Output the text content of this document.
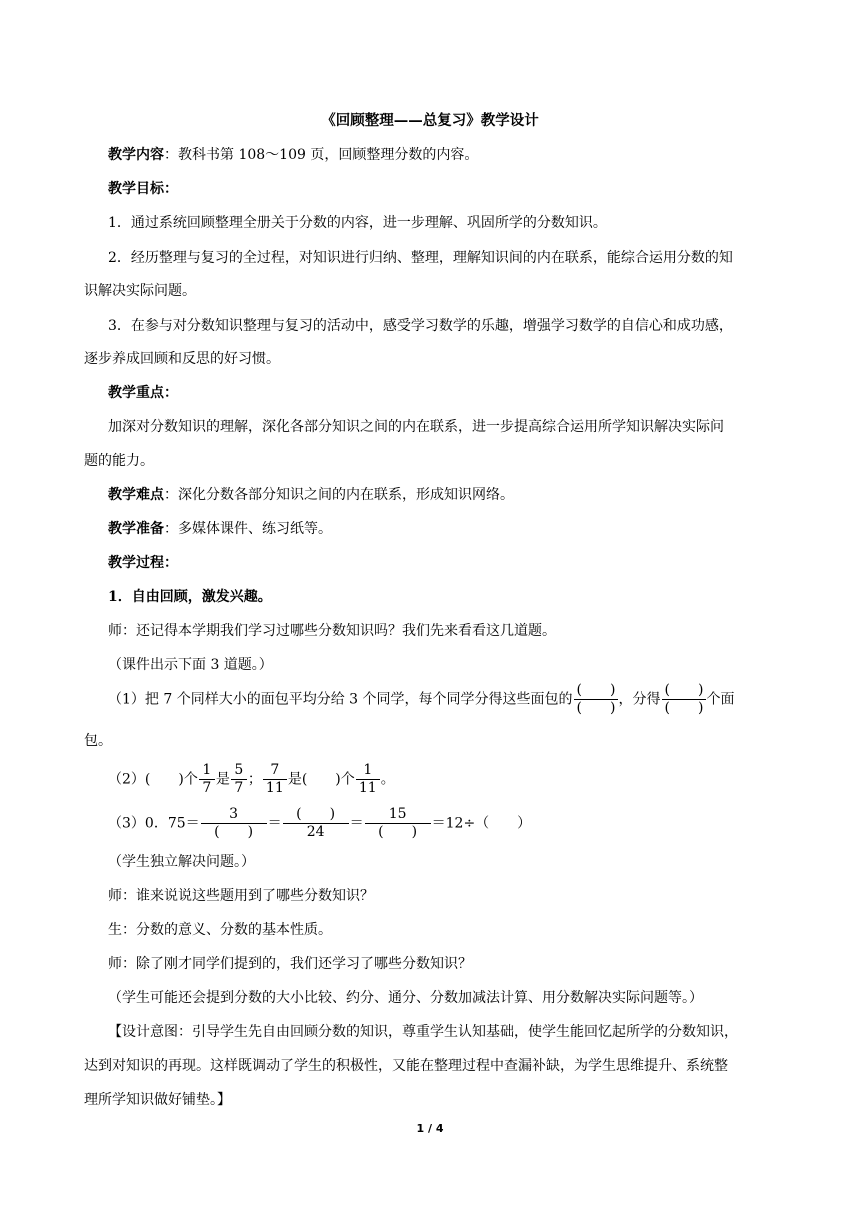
《回顾整理——总复习》教学设计
教学内容：教科书第 108～109 页，回顾整理分数的内容。
教学目标：
1．通过系统回顾整理全册关于分数的内容，进一步理解、巩固所学的分数知识。
2．经历整理与复习的全过程，对知识进行归纳、整理，理解知识间的内在联系，能综合运用分数的知
识解决实际问题。
3．在参与对分数知识整理与复习的活动中，感受学习数学的乐趣，增强学习数学的自信心和成功感，
逐步养成回顾和反思的好习惯。
教学重点：
加深对分数知识的理解，深化各部分知识之间的内在联系，进一步提高综合运用所学知识解决实际问
题的能力。
教学难点：深化分数各部分知识之间的内在联系，形成知识网络。
教学准备：多媒体课件、练习纸等。
教学过程：
1．自由回顾，激发兴趣。
师：还记得本学期我们学习过哪些分数知识吗？我们先来看看这几道题。
（课件出示下面 3 道题。）
（1）把 7 个同样大小的面包平均分给 3 个同学，每个同学分得这些面包的 $\frac{( )}{( )}$ ，分得 $\frac{( )}{( )}$ 个面
包。
（2）(　　)个 $\frac{1}{7}$ 是 $\frac{5}{7}$ ； $\frac{7}{11}$ 是(　　)个 $\frac{1}{11}$ 。
（3）0．$75= \frac{3}{( )} = \frac{( )}{24} = \frac{15}{( )} =12\div$（　　）
（学生独立解决问题。）
师：谁来说说这些题用到了哪些分数知识？
生：分数的意义、分数的基本性质。
师：除了刚才同学们提到的，我们还学习了哪些分数知识？
（学生可能还会提到分数的大小比较、约分、通分、分数加减法计算、用分数解决实际问题等。）
【设计意图：引导学生先自由回顾分数的知识，尊重学生认知基础，使学生能回忆起所学的分数知识，
达到对知识的再现。这样既调动了学生的积极性，又能在整理过程中查漏补缺，为学生思维提升、系统整
理所学知识做好铺垫。】
1 / 4
